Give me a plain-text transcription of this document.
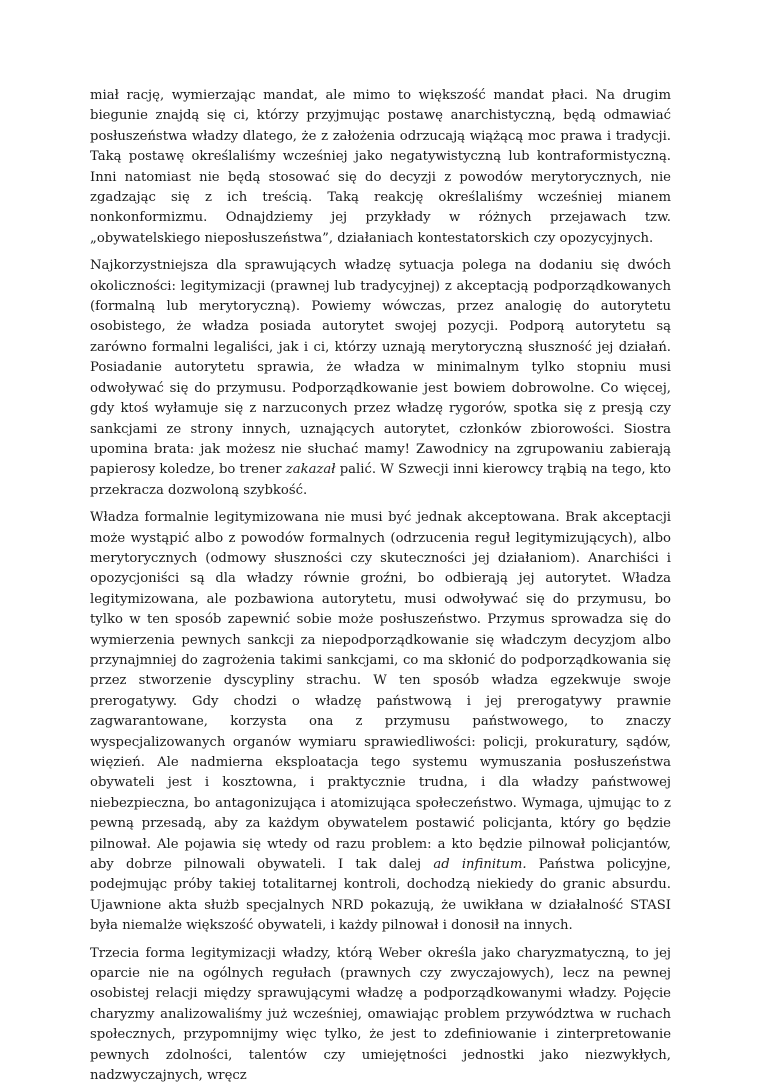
miał rację, wymierzając mandat, ale mimo to większość mandat płaci. Na drugim biegunie znajdą się ci, którzy przyjmując postawę anarchistyczną, będą odmawiać posłuszeństwa władzy dlatego, że z założenia odrzucają wiążącą moc prawa i tradycji. Taką postawę określaliśmy wcześniej jako negatywistyczną lub kontraformistyczną. Inni natomiast nie będą stosować się do decyzji z powodów merytorycznych, nie zgadzając się z ich treścią. Taką reakcję określaliśmy wcześniej mianem nonkonformizmu. Odnajdziemy jej przykłady w różnych przejawach tzw. „obywatelskiego nieposłuszeństwa”, działaniach kontestatorskich czy opozycyjnych.

Najkorzystniejsza dla sprawujących władzę sytuacja polega na dodaniu się dwóch okoliczności: legitymizacji (prawnej lub tradycyjnej) z akceptacją podporządkowanych (formalną lub merytoryczną). Powiemy wówczas, przez analogię do autorytetu osobistego, że władza posiada autorytet swojej pozycji. Podporą autorytetu są zarówno formalni legaliści, jak i ci, którzy uznają merytoryczną słuszność jej działań. Posiadanie autorytetu sprawia, że władza w minimalnym tylko stopniu musi odwoływać się do przymusu. Podporządkowanie jest bowiem dobrowolne. Co więcej, gdy ktoś wyłamuje się z narzuconych przez władzę rygorów, spotka się z presją czy sankcjami ze strony innych, uznających autorytet, członków zbiorowości. Siostra upomina brata: jak możesz nie słuchać mamy! Zawodnicy na zgrupowaniu zabierają papierosy koledze, bo trener zakazał palić. W Szwecji inni kierowcy trąbią na tego, kto przekracza dozwoloną szybkość.

Władza formalnie legitymizowana nie musi być jednak akceptowana. Brak akceptacji może wystąpić albo z powodów formalnych (odrzucenia reguł legitymizujących), albo merytorycznych (odmowy słuszności czy skuteczności jej działaniom). Anarchiści i opozycjoniści są dla władzy równie groźni, bo odbierają jej autorytet. Władza legitymizowana, ale pozbawiona autorytetu, musi odwoływać się do przymusu, bo tylko w ten sposób zapewnić sobie może posłuszeństwo. Przymus sprowadza się do wymierzenia pewnych sankcji za niepodporządkowanie się władczym decyzjom albo przynajmniej do zagrożenia takimi sankcjami, co ma skłonić do podporządkowania się przez stworzenie dyscypliny strachu. W ten sposób władza egzekwuje swoje prerogatywy. Gdy chodzi o władzę państwową i jej prerogatywy prawnie zagwarantowane, korzysta ona z przymusu państwowego, to znaczy wyspecjalizowanych organów wymiaru sprawiedliwości: policji, prokuratury, sądów, więzień. Ale nadmierna eksploatacja tego systemu wymuszania posłuszeństwa obywateli jest i kosztowna, i praktycznie trudna, i dla władzy państwowej niebezpieczna, bo antagonizująca i atomizująca społeczeństwo. Wymaga, ujmując to z pewną przesadą, aby za każdym obywatelem postawić policjanta, który go będzie pilnował. Ale pojawia się wtedy od razu problem: a kto będzie pilnował policjantów, aby dobrze pilnowali obywateli. I tak dalej ad infinitum. Państwa policyjne, podejmując próby takiej totalitarnej kontroli, dochodzą niekiedy do granic absurdu. Ujawnione akta służb specjalnych NRD pokazują, że uwikłana w działalność STASI była niemalże większość obywateli, i każdy pilnował i donosił na innych.

Trzecia forma legitymizacji władzy, którą Weber określa jako charyzmatyczną, to jej oparcie nie na ogólnych regułach (prawnych czy zwyczajowych), lecz na pewnej osobistej relacji między sprawującymi władzę a podporządkowanymi władzy. Pojęcie charyzmy analizowaliśmy już wcześniej, omawiając problem przywództwa w ruchach społecznych, przypomnijmy więc tylko, że jest to zdefiniowanie i zinterpretowanie pewnych zdolności, talentów czy umiejętności jednostki jako niezwykłych, nadzwyczajnych, wręcz
